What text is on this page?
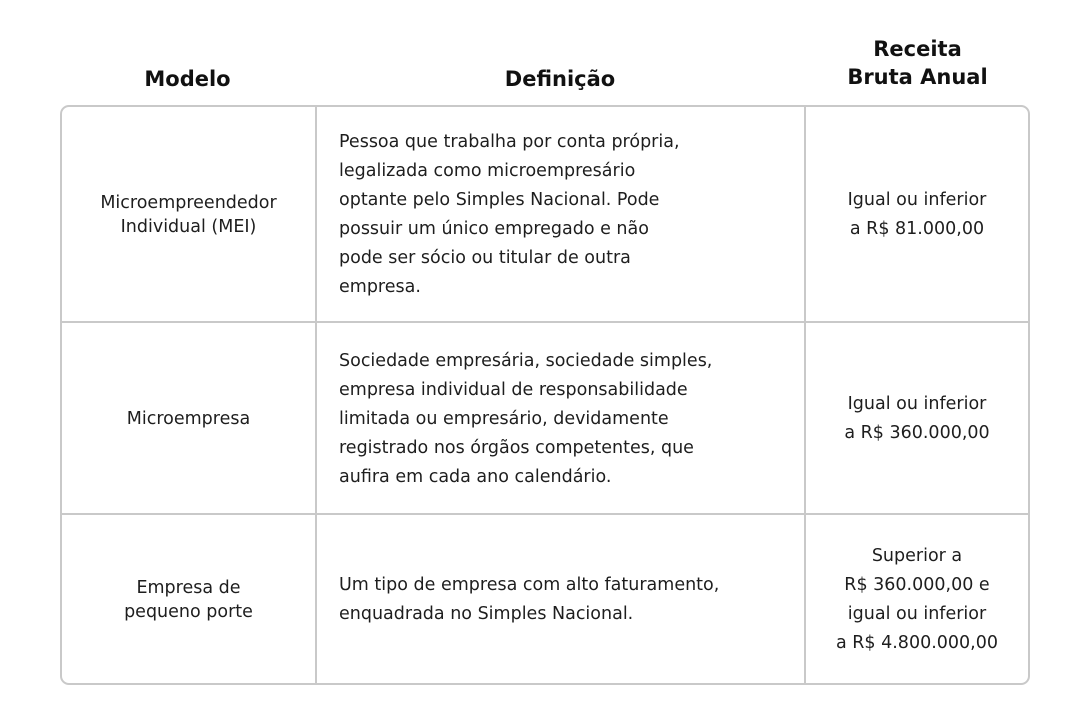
Modelo	Definição
Receita
Bruta Anual
Microempreendedor
Individual (MEI)
Pessoa que trabalha por conta própria,
legalizada como microempresário
optante pelo Simples Nacional. Pode
possuir um único empregado e não
pode ser sócio ou titular de outra
empresa.
Igual ou inferior
a R$ 81.000,00
Microempresa
Sociedade empresária, sociedade simples,
empresa individual de responsabilidade
limitada ou empresário, devidamente
registrado nos órgãos competentes, que
aufira em cada ano calendário.
Igual ou inferior
a R$ 360.000,00
Empresa de
pequeno porte
Um tipo de empresa com alto faturamento,
enquadrada no Simples Nacional.
Superior a
R$ 360.000,00 e
igual ou inferior
a R$ 4.800.000,00
